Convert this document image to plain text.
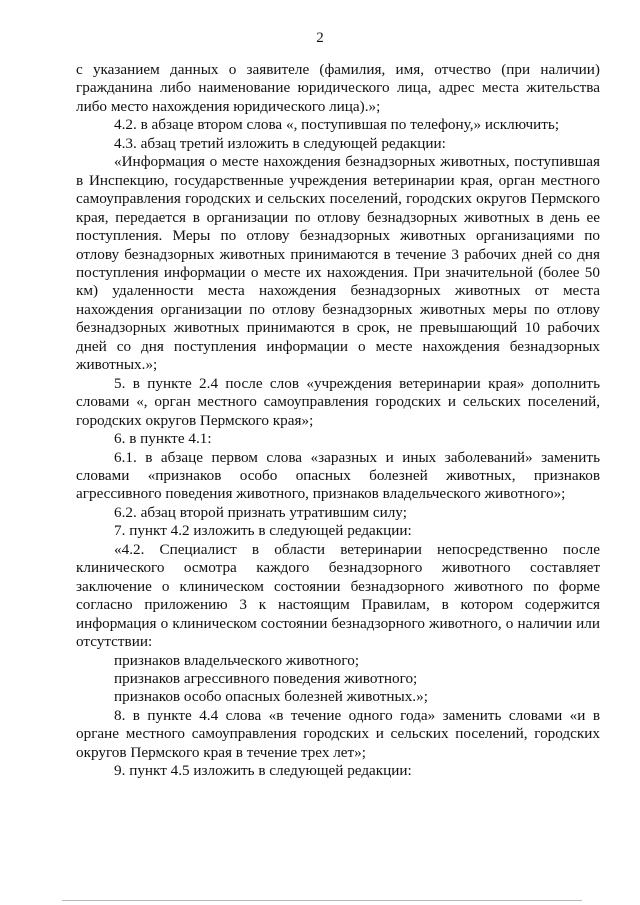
2

с указанием данных о заявителе (фамилия, имя, отчество (при наличии) гражданина либо наименование юридического лица, адрес места жительства либо место нахождения юридического лица).»;

4.2. в абзаце втором слова «, поступившая по телефону,» исключить;

4.3. абзац третий изложить в следующей редакции:

«Информация о месте нахождения безнадзорных животных, поступившая в Инспекцию, государственные учреждения ветеринарии края, орган местного самоуправления городских и сельских поселений, городских округов Пермского края, передается в организации по отлову безнадзорных животных в день ее поступления. Меры по отлову безнадзорных животных организациями по отлову безнадзорных животных принимаются в течение 3 рабочих дней со дня поступления информации о месте их нахождения. При значительной (более 50 км) удаленности места нахождения безнадзорных животных от места нахождения организации по отлову безнадзорных животных меры по отлову безнадзорных животных принимаются в срок, не превышающий 10 рабочих дней со дня поступления информации о месте нахождения безнадзорных животных.»;

5. в пункте 2.4 после слов «учреждения ветеринарии края» дополнить словами «, орган местного самоуправления городских и сельских поселений, городских округов Пермского края»;

6. в пункте 4.1:

6.1. в абзаце первом слова «заразных и иных заболеваний» заменить словами «признаков особо опасных болезней животных, признаков агрессивного поведения животного, признаков владельческого животного»;

6.2. абзац второй признать утратившим силу;

7. пункт 4.2 изложить в следующей редакции:

«4.2. Специалист в области ветеринарии непосредственно после клинического осмотра каждого безнадзорного животного составляет заключение о клиническом состоянии безнадзорного животного по форме согласно приложению 3 к настоящим Правилам, в котором содержится информация о клиническом состоянии безнадзорного животного, о наличии или отсутствии:

признаков владельческого животного;

признаков агрессивного поведения животного;

признаков особо опасных болезней животных.»;

8. в пункте 4.4 слова «в течение одного года» заменить словами «и в органе местного самоуправления городских и сельских поселений, городских округов Пермского края в течение трех лет»;

9. пункт 4.5 изложить в следующей редакции:
